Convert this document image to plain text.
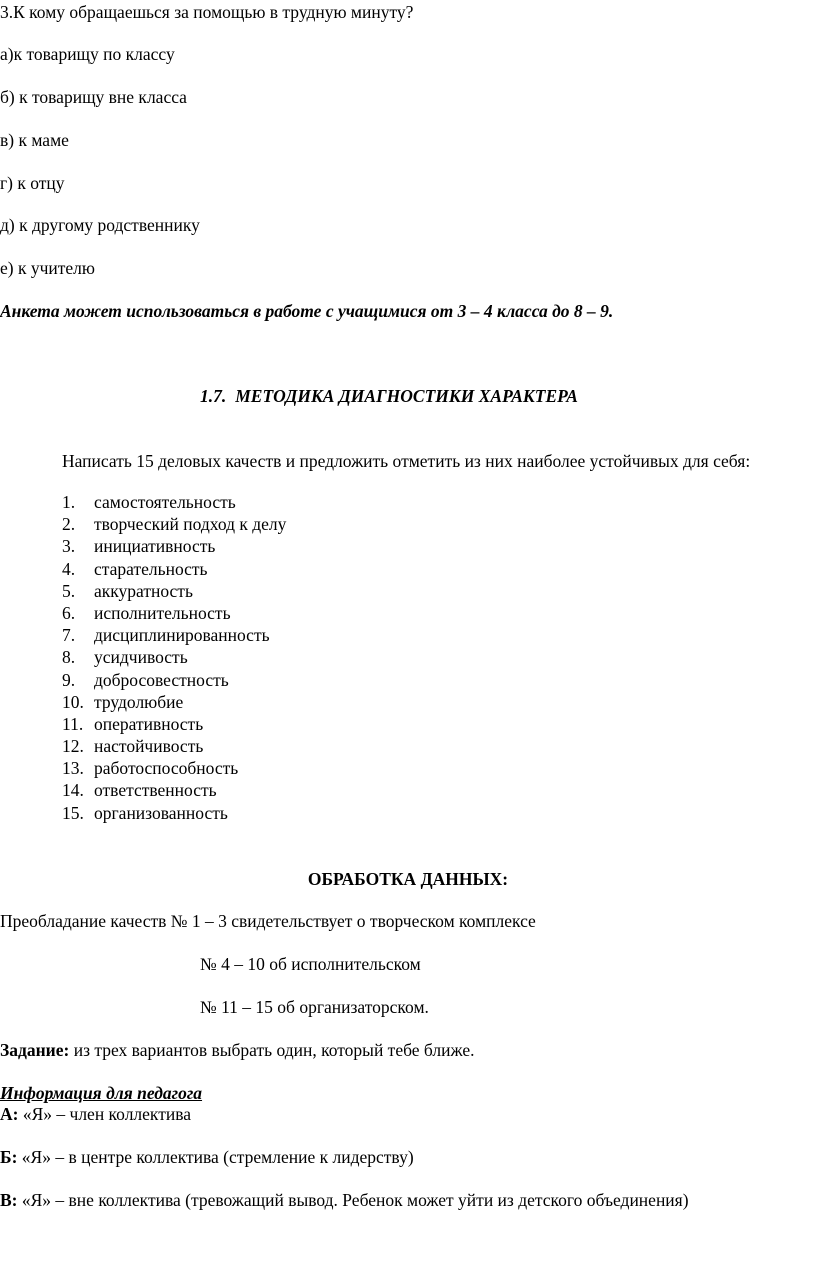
3.К кому обращаешься за помощью в трудную минуту?
а)к товарищу по классу
б) к товарищу вне класса
в) к маме
г) к отцу
д) к другому родственнику
е) к учителю
Анкета может использоваться в работе с учащимися от 3 – 4 класса до 8 – 9.
1.7. МЕТОДИКА ДИАГНОСТИКИ ХАРАКТЕРА
Написать 15 деловых качеств и предложить отметить из них наиболее устойчивых для себя:
1.	самостоятельность
2.	творческий подход к делу
3.	инициативность
4.	старательность
5.	аккуратность
6.	исполнительность
7.	дисциплинированность
8.	усидчивость
9.	добросовестность
10. трудолюбие
11. оперативность
12. настойчивость
13. работоспособность
14. ответственность
15. организованность
ОБРАБОТКА ДАННЫХ:
Преобладание качеств № 1 – 3 свидетельствует о творческом комплексе
№ 4 – 10 об исполнительском
№ 11 – 15 об организаторском.
Задание: из трех вариантов выбрать один, который тебе ближе.
Информация для педагога
А: «Я» – член коллектива
Б: «Я» – в центре коллектива (стремление к лидерству)
В: «Я» – вне коллектива (тревожащий вывод. Ребенок может уйти из детского объединения)
